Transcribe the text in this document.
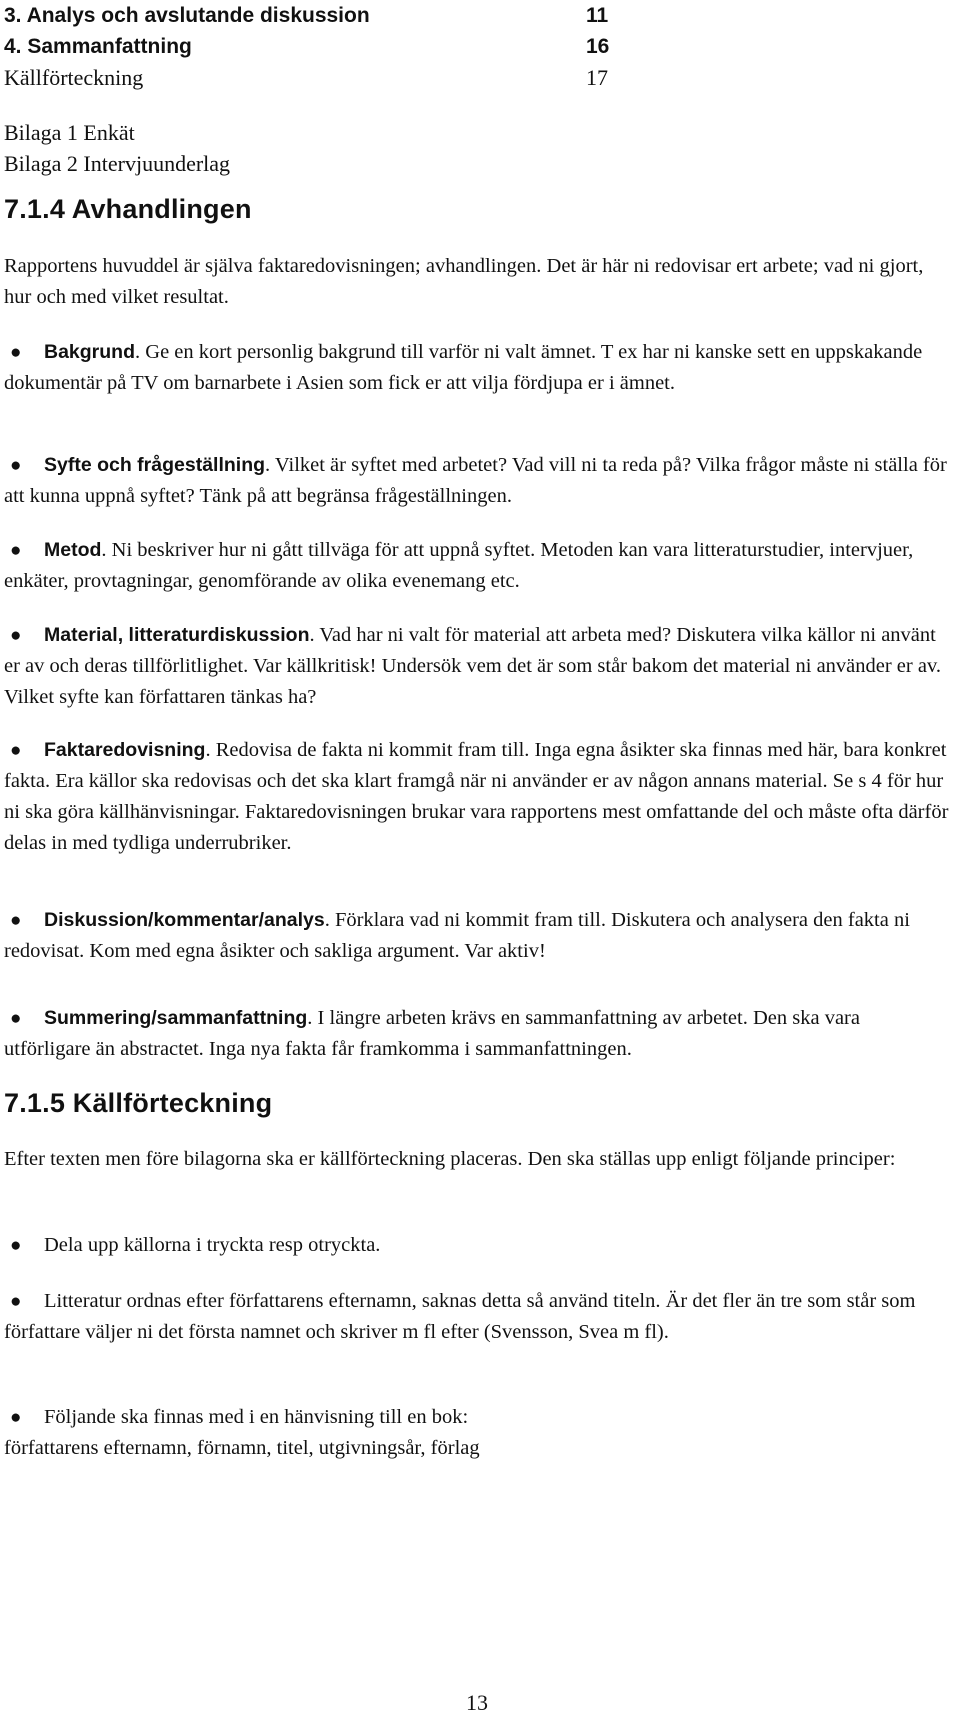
3. Analys och avslutande diskussion	11
4. Sammanfattning	16
Källförteckning	17
Bilaga 1 Enkät
Bilaga 2 Intervjuunderlag
7.1.4 Avhandlingen

Rapportens huvuddel är själva faktaredovisningen; avhandlingen. Det är här ni redovisar ert arbete; vad ni gjort, hur och med vilket resultat.

●	Bakgrund. Ge en kort personlig bakgrund till varför ni valt ämnet. T ex har ni kanske sett en uppskakande dokumentär på TV om barnarbete i Asien som fick er att vilja fördjupa er i ämnet.
●	Syfte och frågeställning. Vilket är syftet med arbetet? Vad vill ni ta reda på? Vilka frågor måste ni ställa för att kunna uppnå syftet? Tänk på att begränsa frågeställningen.
●	Metod. Ni beskriver hur ni gått tillväga för att uppnå syftet. Metoden kan vara litteraturstudier, intervjuer, enkäter, provtagningar, genomförande av olika evenemang etc.
●	Material, litteraturdiskussion. Vad har ni valt för material att arbeta med? Diskutera vilka källor ni använt er av och deras tillförlitlighet. Var källkritisk! Undersök vem det är som står bakom det material ni använder er av. Vilket syfte kan författaren tänkas ha?
●	Faktaredovisning. Redovisa de fakta ni kommit fram till. Inga egna åsikter ska finnas med här, bara konkret fakta. Era källor ska redovisas och det ska klart framgå när ni använder er av någon annans material. Se s 4 för hur ni ska göra källhänvisningar. Faktaredovisningen brukar vara rapportens mest omfattande del och måste ofta därför delas in med tydliga underrubriker.
●	Diskussion/kommentar/analys. Förklara vad ni kommit fram till. Diskutera och analysera den fakta ni redovisat. Kom med egna åsikter och sakliga argument. Var aktiv!
●	Summering/sammanfattning. I längre arbeten krävs en sammanfattning av arbetet. Den ska vara utförligare än abstractet. Inga nya fakta får framkomma i sammanfattningen.
7.1.5 Källförteckning

Efter texten men före bilagorna ska er källförteckning placeras. Den ska ställas upp enligt följande principer:

●	Dela upp källorna i tryckta resp otryckta.
●	Litteratur ordnas efter författarens efternamn, saknas detta så använd titeln. Är det fler än tre som står som författare väljer ni det första namnet och skriver m fl efter (Svensson, Svea m fl).
●	Följande ska finnas med i en hänvisning till en bok:
författarens efternamn, förnamn, titel, utgivningsår, förlag
13
